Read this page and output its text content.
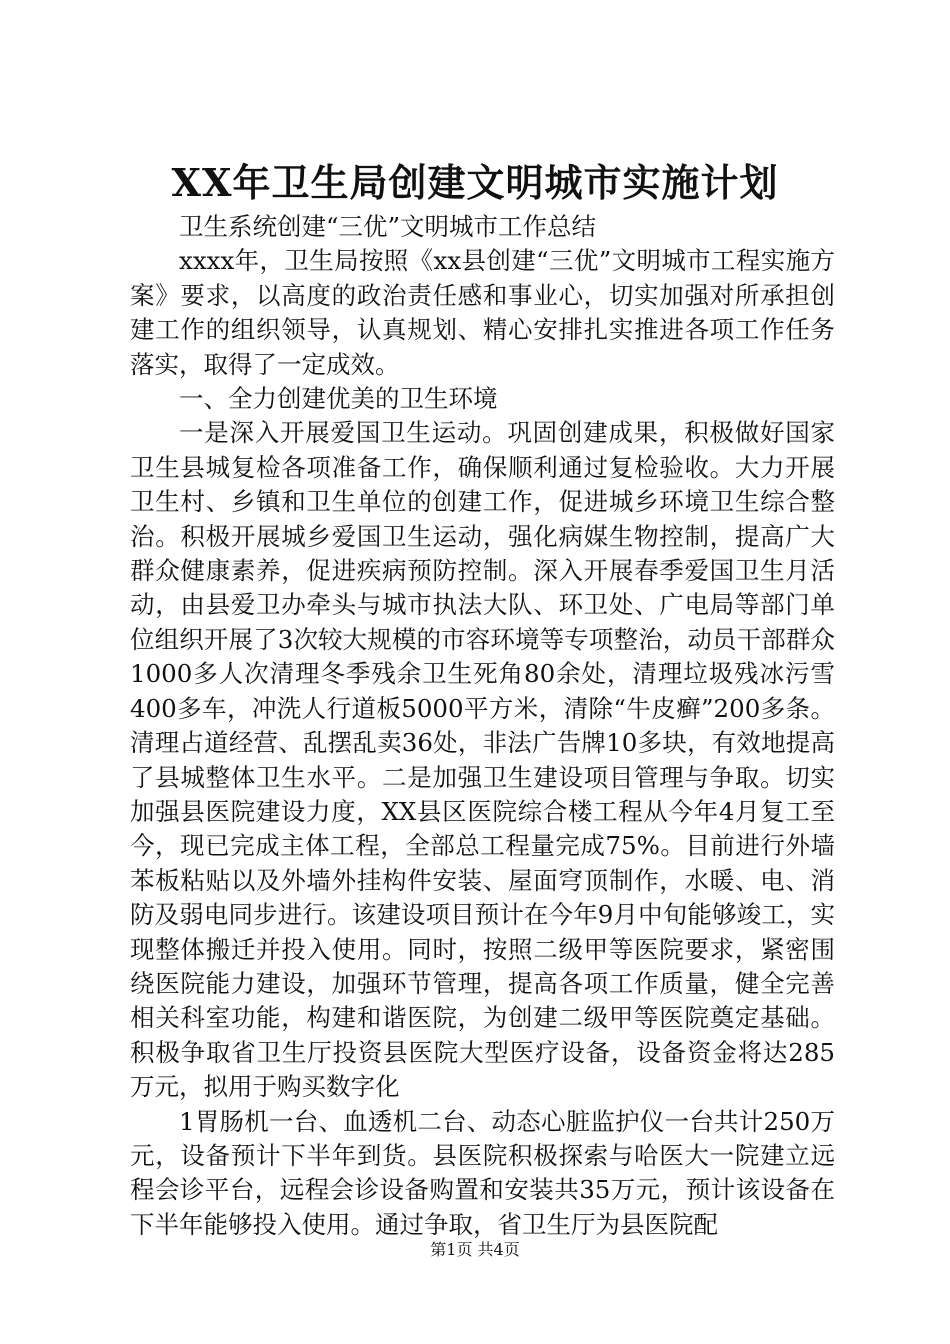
XX年卫生局创建文明城市实施计划

卫生系统创建“三优”文明城市工作总结

xxxx年，卫生局按照《xx县创建“三优”文明城市工程实施方案》要求，以高度的政治责任感和事业心，切实加强对所承担创建工作的组织领导，认真规划、精心安排扎实推进各项工作任务落实，取得了一定成效。

一、全力创建优美的卫生环境

一是深入开展爱国卫生运动。巩固创建成果，积极做好国家卫生县城复检各项准备工作，确保顺利通过复检验收。大力开展卫生村、乡镇和卫生单位的创建工作，促进城乡环境卫生综合整治。积极开展城乡爱国卫生运动，强化病媒生物控制，提高广大群众健康素养，促进疾病预防控制。深入开展春季爱国卫生月活动，由县爱卫办牵头与城市执法大队、环卫处、广电局等部门单位组织开展了3次较大规模的市容环境等专项整治，动员干部群众1000多人次清理冬季残余卫生死角80余处，清理垃圾残冰污雪400多车，冲洗人行道板5000平方米，清除“牛皮癣”200多条。清理占道经营、乱摆乱卖36处，非法广告牌10多块，有效地提高了县城整体卫生水平。二是加强卫生建设项目管理与争取。切实加强县医院建设力度，XX县区医院综合楼工程从今年4月复工至今，现已完成主体工程，全部总工程量完成75%。目前进行外墙苯板粘贴以及外墙外挂构件安装、屋面穹顶制作，水暖、电、消防及弱电同步进行。该建设项目预计在今年9月中旬能够竣工，实现整体搬迁并投入使用。同时，按照二级甲等医院要求，紧密围绕医院能力建设，加强环节管理，提高各项工作质量，健全完善相关科室功能，构建和谐医院，为创建二级甲等医院奠定基础。积极争取省卫生厅投资县医院大型医疗设备，设备资金将达285万元，拟用于购买数字化

1胃肠机一台、血透机二台、动态心脏监护仪一台共计250万元，设备预计下半年到货。县医院积极探索与哈医大一院建立远程会诊平台，远程会诊设备购置和安装共35万元，预计该设备在下半年能够投入使用。通过争取，省卫生厅为县医院配

第1页 共4页
